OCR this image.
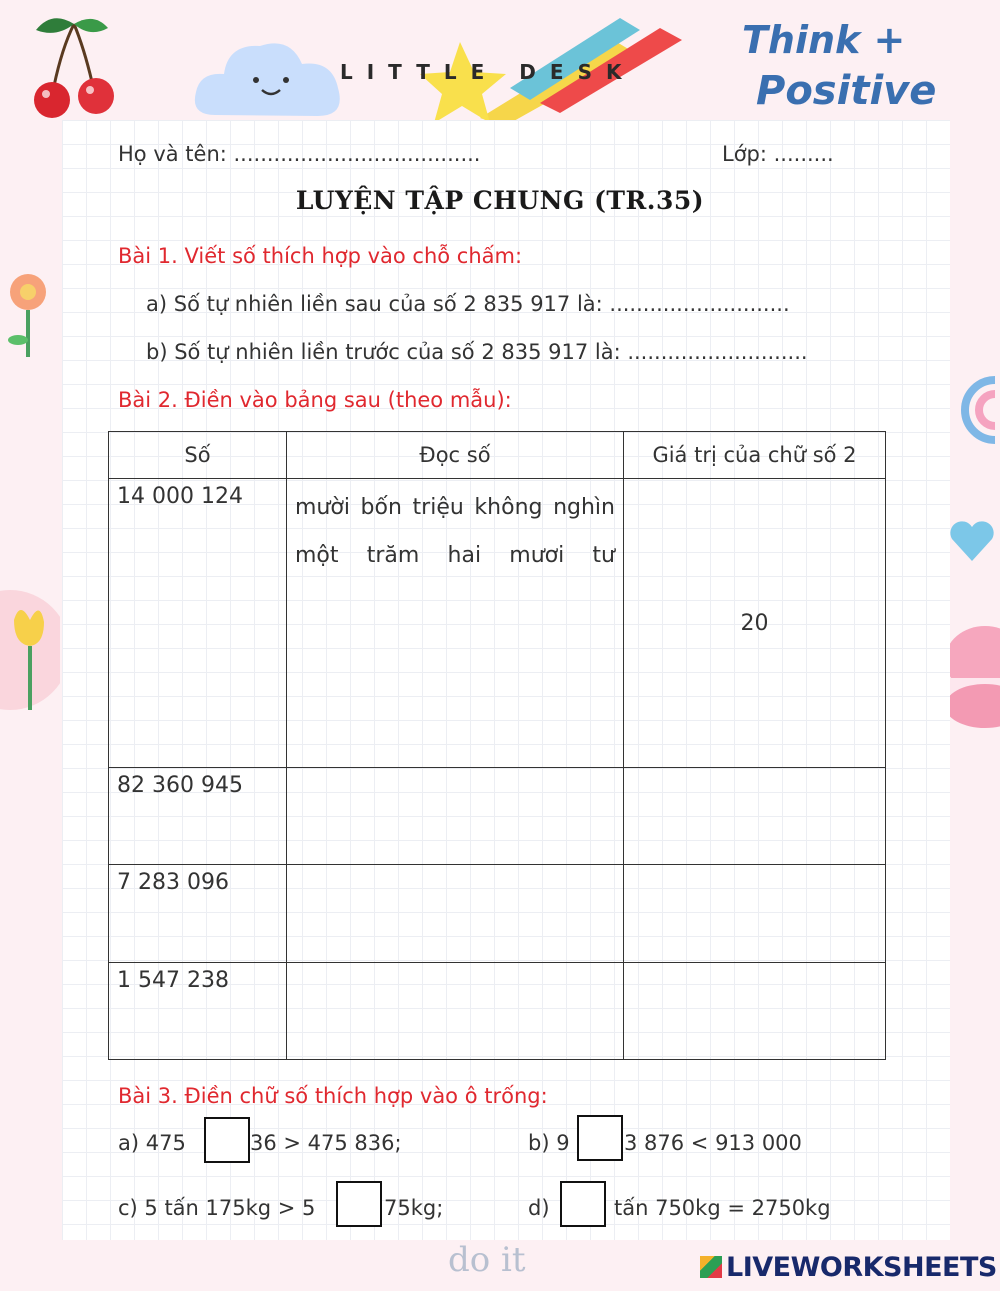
LITTLE DESK
Think +
Positive
do it
Họ và tên: .....................................	Lớp: .........
LUYỆN TẬP CHUNG (TR.35)
Bài 1. Viết số thích hợp vào chỗ chấm:
a) Số tự nhiên liền sau của số 2 835 917 là: ...........................
b) Số tự nhiên liền trước của số 2 835 917 là: ...........................
Bài 2. Điền vào bảng sau (theo mẫu):
Số	Đọc số	Giá trị của chữ số 2
14 000 124	mười bốn triệu không nghìn một trăm hai mươi tư	20
82 360 945		
7 283 096		
1 547 238		
Bài 3. Điền chữ số thích hợp vào ô trống:
a) 475	36 > 475 836;	b) 9	3 876 < 913 000
c) 5 tấn 175kg > 5	75kg;	d)	tấn 750kg = 2750kg
LIVEWORKSHEETS
